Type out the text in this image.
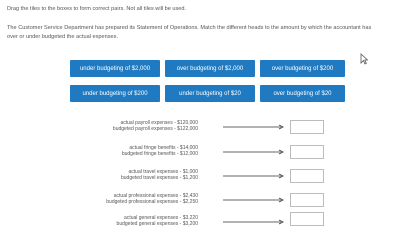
Drag the tiles to the boxes to form correct pairs. Not all tiles will be used.
The Customer Service Department has prepared its Statement of Operations. Match the different heads to the amount by which the accountant has
over or under budgeted the actual expenses.
under budgeting of $2,000	over budgeting of $2,000	over budgeting of $200
under budgeting of $200	under budgeting of $20	over budgeting of $20
actual payroll expenses - $120,000
budgeted payroll expenses - $122,000
actual fringe benefits - $14,000
budgeted fringe benefits - $12,000
actual travel expenses - $1,000
budgeted travel expenses - $1,200
actual professional expenses - $2,430
budgeted professional expenses - $2,250
actual general expenses - $3,220
budgeted general expenses - $3,200
